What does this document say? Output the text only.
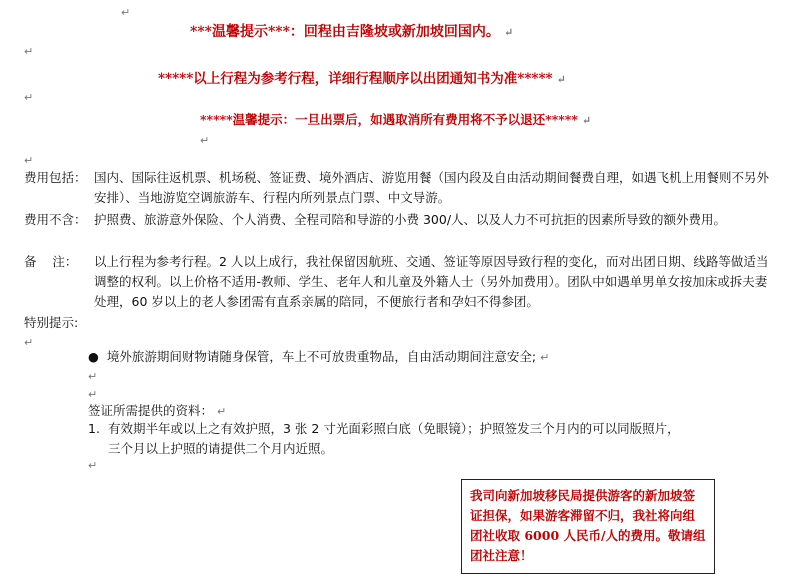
↵
↵
↵
↵
↵
***温馨提示***：回程由吉隆坡或新加坡回国内。 ↵
*****以上行程为参考行程，详细行程顺序以出团通知书为准***** ↵
*****温馨提示：一旦出票后，如遇取消所有费用将不予以退还***** ↵
费用包括： 国内、国际往返机票、机场税、签证费、境外酒店、游览用餐（国内段及自由活动期间餐费自理，如遇飞机上用餐则不另外安排）、当地游览空调旅游车、行程内所列景点门票、中文导游。
费用不含： 护照费、旅游意外保险、个人消费、全程司陪和导游的小费 300/人、以及人力不可抗拒的因素所导致的额外费用。
备    注： 以上行程为参考行程。2 人以上成行，我社保留因航班、交通、签证等原因导致行程的变化，而对出团日期、线路等做适当调整的权利。以上价格不适用-教师、学生、老年人和儿童及外籍人士（另外加费用）。团队中如遇单男单女按加床或拆夫妻处理，60 岁以上的老人参团需有直系亲属的陪同，不便旅行者和孕妇不得参团。
特别提示:
↵
● 境外旅游期间财物请随身保管，车上不可放贵重物品，自由活动期间注意安全; ↵
↵
↵
签证所需提供的资料： ↵
1. 有效期半年或以上之有效护照，3 张 2 寸光面彩照白底（免眼镜）；护照签发三个月内的可以同版照片，三个月以上护照的请提供二个月内近照。
↵
我司向新加坡移民局提供游客的新加坡签证担保，如果游客滞留不归，我社将向组团社收取 6000 人民币/人的费用。敬请组团社注意！
